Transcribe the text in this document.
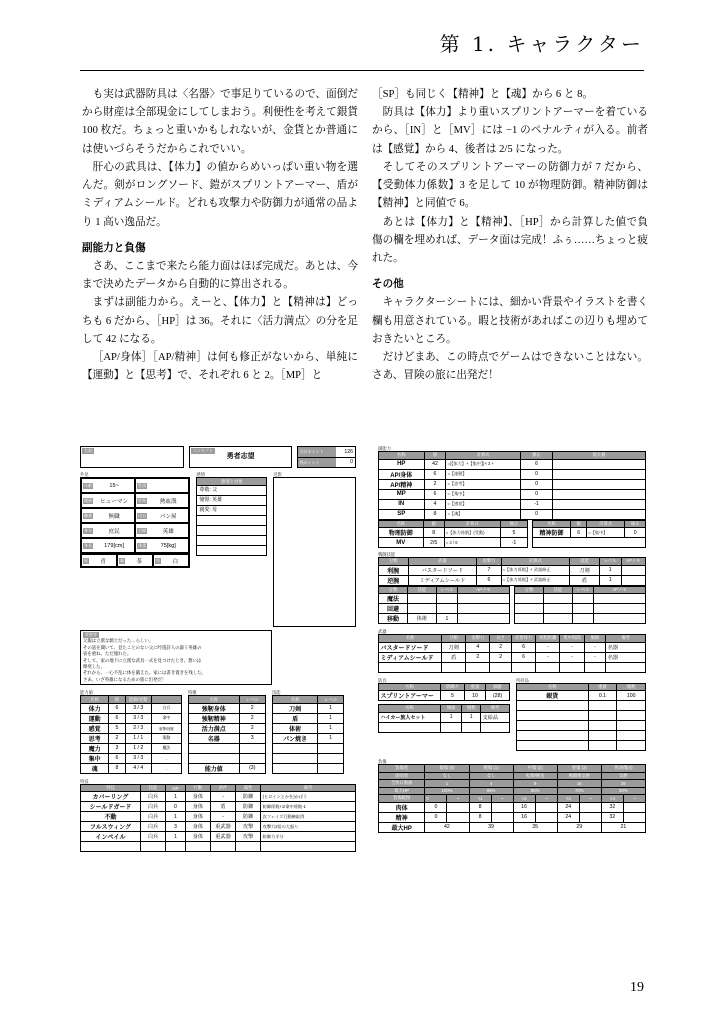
第 1. キャラクター

も実は武器防具は〈名器〉で事足りているので、面倒だから財産は全部現金にしてしまおう。利便性を考えて銀貨 100 枚だ。ちょっと重いかもしれないが、金貨とか普通には使いづらそうだからこれでいい。

肝心の武具は、【体力】の値からめいっぱい重い物を選んだ。剣がロングソード、鎧がスプリントアーマー、盾がミディアムシールド。どれも攻撃力や防御力が通常の品より 1 高い逸品だ。

副能力と負傷

さあ、ここまで来たら能力面はほぼ完成だ。あとは、今まで決めたデータから自動的に算出される。

まずは副能力から。えーと、【体力】と【精神は】どっちも 6 だから、［HP］は 36。それに〈活力満点〉の分を足して 42 になる。

［AP/身体］［AP/精神］は何も修正がないから、単純に【運動】と【思考】で、それぞれ 6 と 2。［MP］と

［SP］も同じく【精神】と【魂】から 6 と 8。

防具は【体力】より重いスプリントアーマーを着ているから、［IN］と［MV］には −1 のペナルティが入る。前者は【感覚】から 4、後者は 2/5 になった。

そしてそのスプリントアーマーの防御力が 7 だから、【受動体力係数】3 を足して 10 が物理防御。精神防御は【精神】と同値で 6。

あとは【体力】と【精神】、［HP］から計算した値で負傷の欄を埋めれば、データ面は完成！ふぅ……ちょっと疲れた。

その他

キャラクターシートには、細かい背景やイラストを書く欄も用意されている。暇と技術があればこの辺りも埋めておきたいところ。

だけどまあ、この時点でゲームはできないことはない。さあ、冒険の旅に出発だ！

名前	コンセプト
勇者志望
合計ポイント	126
残ポイント	0
外見
年齢	15~	性別
種族	ヒューマン	性格	熱血漢
職業	無職	出自	パン屋
身分	庶民	目標	英雄
身長	179[cm]	体重	75[kg]
髪	青	瞳	茶	肌	白
感情
感情と対象
尊敬: 父
憧憬: 英雄
親愛: 母

近影
背景等
父親は立派な騎士だった…らしい。
その話を聞いて、見たことのない父に吟遊詩人の謳う英雄の
姿を重ね、ただ憧れた。
そして、家の地下に立派な武具一式を見つけたとき、想いは
爆発した。
それから、一心不乱に体を鍛えた。家には書き置きを残した。
さあ、いざ英雄になるための旅に出発だ！
能力値
名称	値	能動/受動	
体力	6	3 / 3	白兵
運動	6	3 / 3	命中
感覚	5	2 / 3	射撃/回避
思考	2	1 / 1	策動
魔力	3	1 / 2	魔法
集中	6	3 / 3	-
魂	8	4 / 4	-
特徴
名称	レベル
強靭身体	2
強靭精神	2
活力満点	2
名器	3

能力値	(3)
技能
名称	レベル
刀剣	1
盾	1
体術	1
パン焼き	1

特技
特技	技能	MP	行動	条件	属性	備考
カバーリング	白兵	1	身体	-	防御	(ヒロインとかを)かばう
シールドガード	白兵	0	身体	盾	防御	防御係数+1/命中係数-1
不動	白兵	1	身体	-	防御	次フェイズ行動権取得
フルスウィング	白兵	3	身体	重武器	攻撃	攻撃力2倍の大振り
インペイル	白兵	1	身体	重武器	攻撃	防御力半分

副能力
名称	値	計算式	修正	現在値
HP	42	=(【体力】+【集中】)× 3 +	6	
AP/身体	6	=【運動】	0	
AP/精神	2	=【思考】	0	
MP	6	=【集中】	0	
IN	4	=【感覚】	-1	
SP	8	=【魂】	0	
名称	値	計算式	修正
物理防御	8	=【体力係数】(受動)	5
MV	2/5	= 3 / 6	-1
名称	値	計算式	修正
精神防御	6	=【集中】	0

戦闘技能
分類	武器	攻撃力	計算式	技能	レベル	APメモ
利腕	バスタードソード	7	=【体力係数】+ 武器修正	刀剣	1	
逆腕	ミディアムシールド	6	=【体力係数】+ 武器修正	盾	1	
分類	技能	レベル	APメモ
魔法			
回避			
移動	体術	1	
分類	技能	レベル	APメモ

武器
名称	分類	攻撃力	長さ	必要体力	射程距離	集中時間	価値	備考
バスタードソード	刀剣	4	2	6	-	-	-	名器
ミディアムシールド	盾	2	2	6	-	-	-	名器

防具
名称	防御力	重量	価値
スプリントアーマー	5	10	(28)
名称	価値	個数	備考
ハイカー旅人セット	1	1	支給品

所持品
名称	重量	個数
銀貨	0.1	100

負傷
負傷度	微傷 (0)		軽傷 (1)		中傷 (2)		重傷 (3)		致命傷(4)	
副効果	なし		なし		転倒/硬直		戦闘後気絶		気絶	
全快日数値	1		4		9		16		25	
最大HP	100%		95%		85%		70%		50%	
負傷範囲	0	~	×1	~	×2	~	×3	~	×4	~
肉体	0		8		16		24		32	
精神	0		8		16		24		32	
最大HP	42		39		35		29		21	
19
